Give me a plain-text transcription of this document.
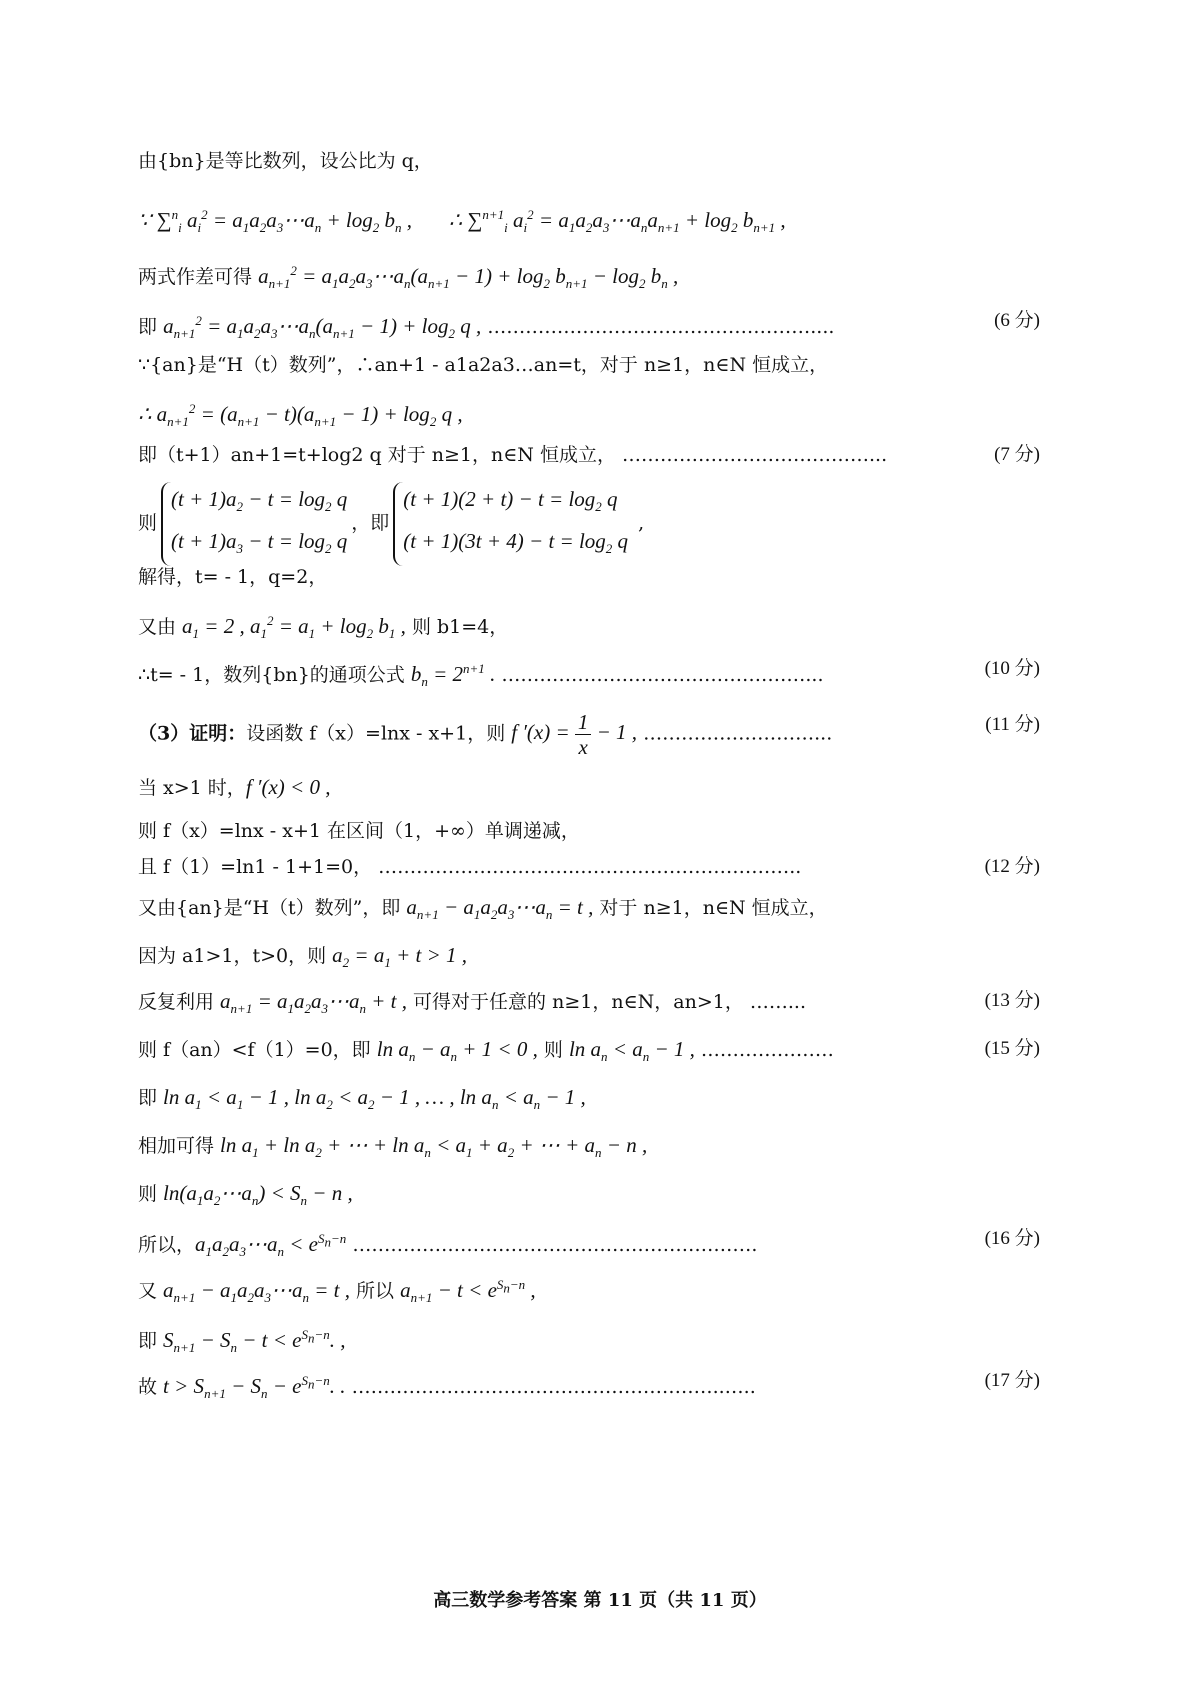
由{bn}是等比数列，设公比为 q，
∵ ∑$^n_i$ $a_i^2$ = $a_1a_2a_3\cdots a_n + \log_2 b_n$ ,       ∴ ∑$^{n+1}_i$ $a_i^2$ = $a_1a_2a_3\cdots a_na_{n+1} + \log_2 b_{n+1}$ ,
两式作差可得 $a_{n+1}^2$ = $a_1a_2a_3\cdots a_n(a_{n+1} - 1) + \log_2 b_{n+1} - \log_2 b_n$ ,
即 $a_{n+1}^2$ = $a_1a_2a_3\cdots a_n(a_{n+1} - 1) + \log_2 q$ , ……………………………………………....	(6 分)
∵{an}是“H（t）数列”，∴an+1 - a1a2a3…an=t，对于 n≥1，n∈N 恒成立，
∴ $a_{n+1}^2 = (a_{n+1} - t)(a_{n+1} - 1) + \log_2 q$ ,
即（t+1）an+1=t+log2 q 对于 n≥1，n∈N 恒成立， …………………………………...	(7 分)
则
$(t + 1)a_2 - t = \log_2 q$
$(t + 1)a_3 - t = \log_2 q$
，即
$(t + 1)(2 + t) - t = \log_2 q$
$(t + 1)(3t + 4) - t = \log_2 q$
,
解得，t= - 1，q=2，
又由 $a_1 = 2$ , $a_1^2 = a_1 + \log_2 b_1$ , 则 b1=4，
∴t= - 1，数列{bn}的通项公式 $b_n = 2^{n+1}$ . …………………………………………...	(10 分)
（3）证明：设函数 f（x）=lnx - x+1，则 f $'(x) = \frac{1}{x} - 1$ , ………………………...	(11 分)
当 x>1 时，f ′(x) < 0 ,
则 f（x）=lnx - x+1 在区间（1，+∞）单调递减，
且 f（1）=ln1 - 1+1=0， …………………………..……………………………..	(12 分)
又由{an}是“H（t）数列”，即 $a_{n+1}$ − $a_1a_2a_3\cdots a_n = t$ , 对于 n≥1，n∈N 恒成立，
因为 a1>1，t>0，则 $a_2 = a_1 + t > 1$ ,
反复利用 $a_{n+1}$ = $a_1a_2a_3\cdots a_n + t$ , 可得对于任意的 n≥1，n∈N，an>1， ……...	(13 分)
则 f（an）<f（1）=0，即 $\ln a_n - a_n + 1 < 0$ , 则 $\ln a_n < a_n - 1$ , …………………	(15 分)
即 $\ln a_1 < a_1 - 1$ , $\ln a_2 < a_2 - 1$ , … , $\ln a_n < a_n - 1$ ,
相加可得 $\ln a_1 + \ln a_2$ + ⋯ + $\ln a_n < a_1 + a_2$ + ⋯ + $a_n - n$ ,
则 $\ln(a_1a_2\cdots a_n) < S_n - n$ ,
所以，$a_1a_2a_3\cdots a_n < e^{S_n-n}$ ……………………………………………………….	(16 分)
又 $a_{n+1}$ − $a_1a_2a_3\cdots a_n = t$ , 所以 $a_{n+1} - t < e^{S_n-n}$ ,
即 $S_{n+1} - S_n - t < e^{S_n-n}$. ,
故 $t > S_{n+1} - S_n - e^{S_n-n}$. . …………………………………………………..…..	(17 分)
高三数学参考答案 第 11 页（共 11 页）
